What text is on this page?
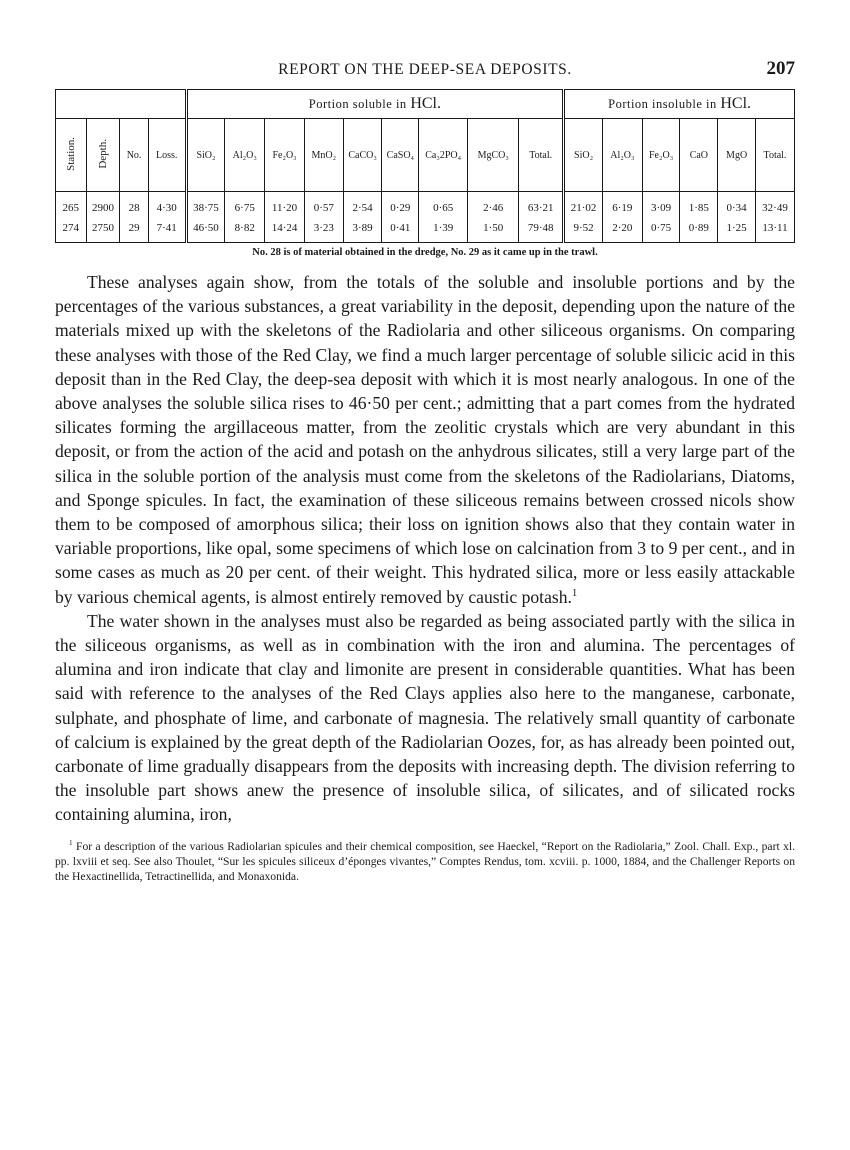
REPORT ON THE DEEP-SEA DEPOSITS.	207
				Portion soluble in HCl.									Portion insoluble in HCl.					
Station.	Depth.	No.	Loss.	SiO₂	Al₂O₃	Fe₂O₃	MnO₂	CaCO₃	CaSO₄	Ca₃2PO₄	MgCO₃	Total.	SiO₂	Al₂O₃	Fe₂O₃	CaO	MgO	Total.
265	2900	28	4·30	38·75	6·75	11·20	0·57	2·54	0·29	0·65	2·46	63·21	21·02	6·19	3·09	1·85	0·34	32·49
274	2750	29	7·41	46·50	8·82	14·24	3·23	3·89	0·41	1·39	1·50	79·48	9·52	2·20	0·75	0·89	1·25	13·11

No. 28 is of material obtained in the dredge, No. 29 as it came up in the trawl.

These analyses again show, from the totals of the soluble and insoluble portions and by the percentages of the various substances, a great variability in the deposit, depending upon the nature of the materials mixed up with the skeletons of the Radiolaria and other siliceous organisms. On comparing these analyses with those of the Red Clay, we find a much larger percentage of soluble silicic acid in this deposit than in the Red Clay, the deep-sea deposit with which it is most nearly analogous. In one of the above analyses the soluble silica rises to 46·50 per cent.; admitting that a part comes from the hydrated silicates forming the argillaceous matter, from the zeolitic crystals which are very abundant in this deposit, or from the action of the acid and potash on the anhydrous silicates, still a very large part of the silica in the soluble portion of the analysis must come from the skeletons of the Radiolarians, Diatoms, and Sponge spicules. In fact, the examination of these siliceous remains between crossed nicols show them to be composed of amorphous silica; their loss on ignition shows also that they contain water in variable proportions, like opal, some specimens of which lose on calcination from 3 to 9 per cent., and in some cases as much as 20 per cent. of their weight. This hydrated silica, more or less easily attackable by various chemical agents, is almost entirely removed by caustic potash.$^1$

The water shown in the analyses must also be regarded as being associated partly with the silica in the siliceous organisms, as well as in combination with the iron and alumina. The percentages of alumina and iron indicate that clay and limonite are present in considerable quantities. What has been said with reference to the analyses of the Red Clays applies also here to the manganese, carbonate, sulphate, and phosphate of lime, and carbonate of magnesia. The relatively small quantity of carbonate of calcium is explained by the great depth of the Radiolarian Oozes, for, as has already been pointed out, carbonate of lime gradually disappears from the deposits with increasing depth. The division referring to the insoluble part shows anew the presence of insoluble silica, of silicates, and of silicated rocks containing alumina, iron,

$^1$ For a description of the various Radiolarian spicules and their chemical composition, see Haeckel, “Report on the Radiolaria,” Zool. Chall. Exp., part xl. pp. lxviii et seq. See also Thoulet, “Sur les spicules siliceux d’éponges vivantes,” Comptes Rendus, tom. xcviii. p. 1000, 1884, and the Challenger Reports on the Hexactinellida, Tetractinellida, and Monaxonida.
